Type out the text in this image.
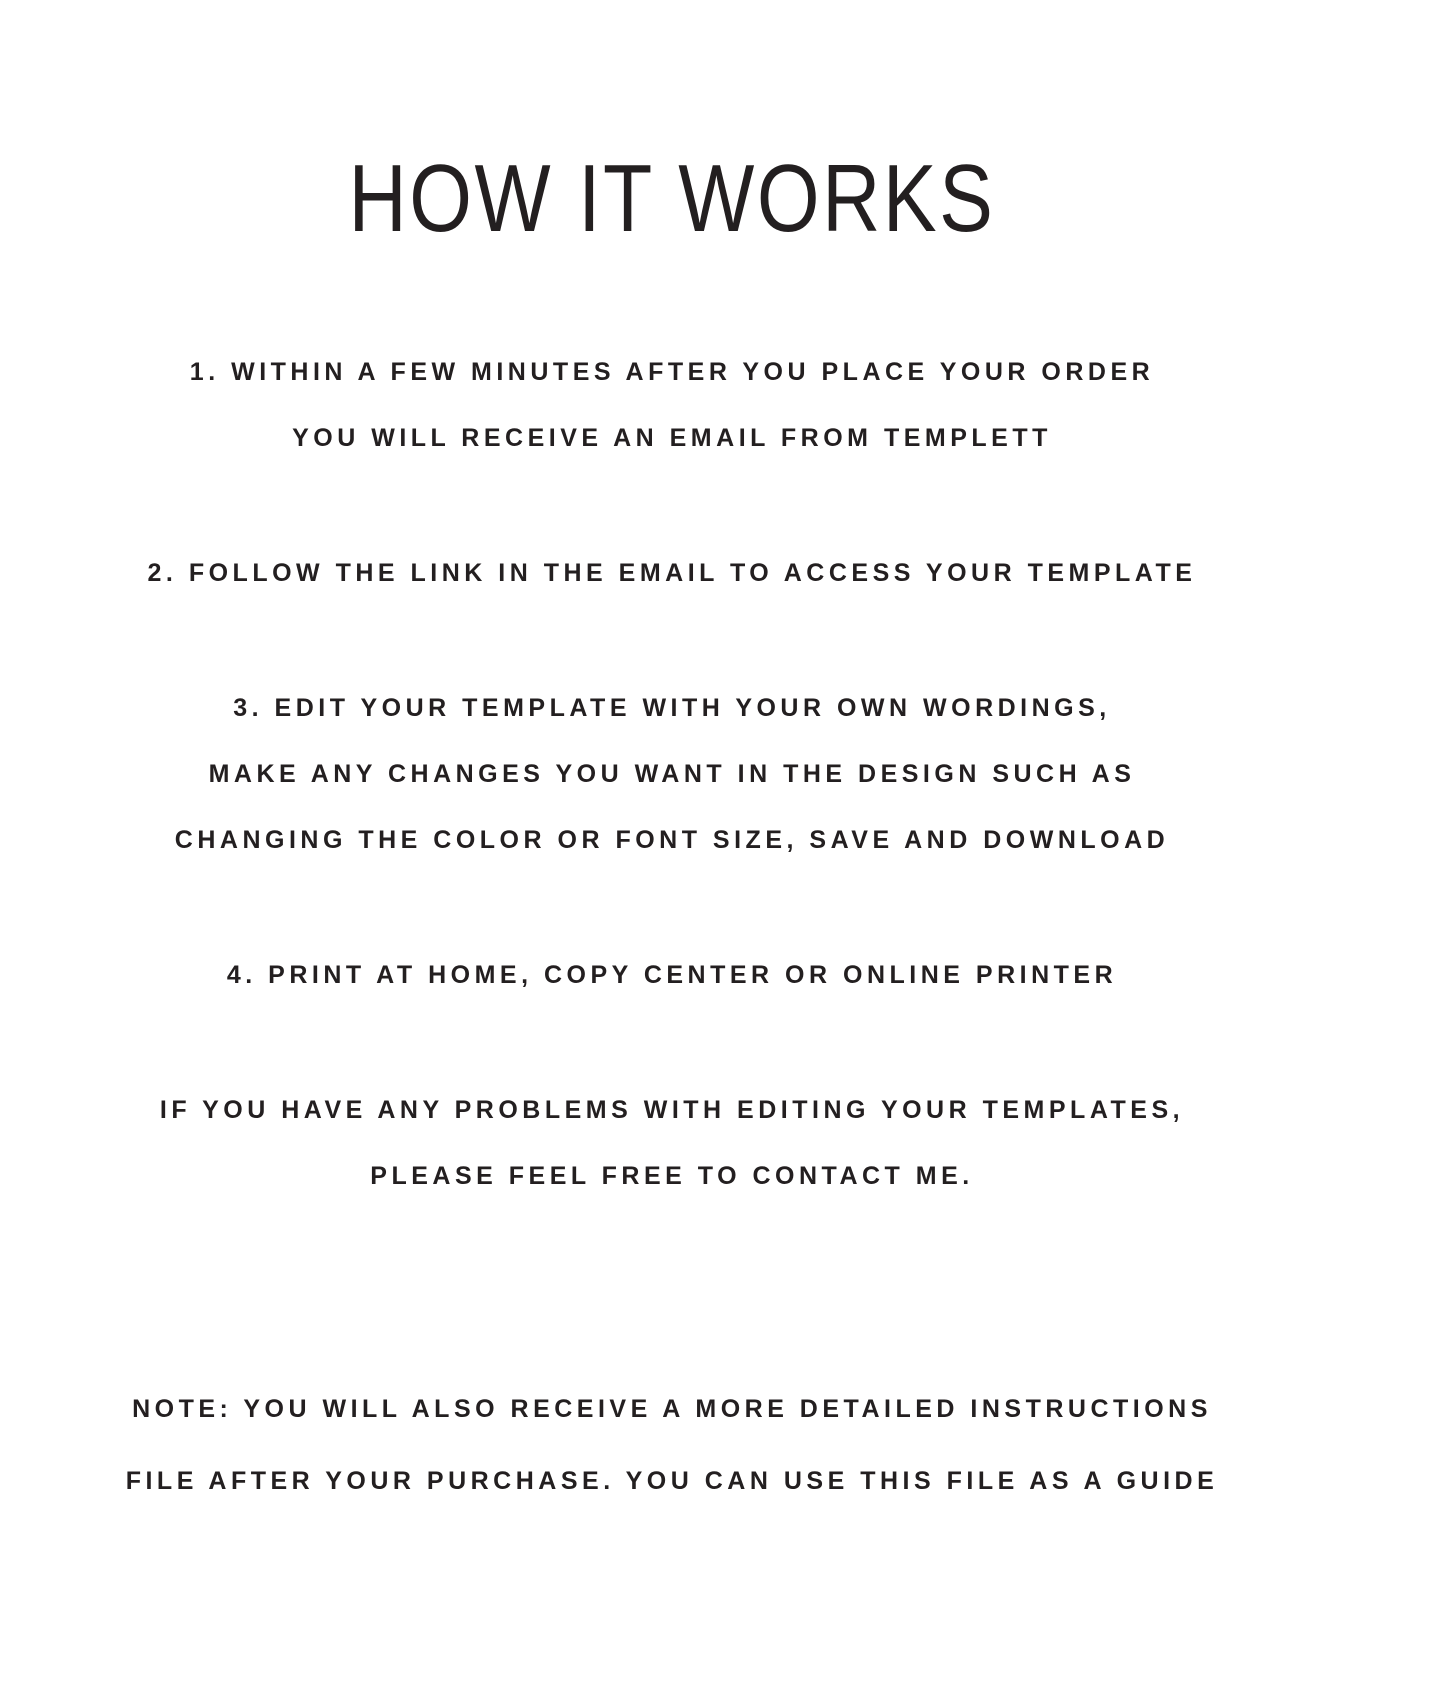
HOW IT WORKS
1. WITHIN A FEW MINUTES AFTER YOU PLACE YOUR ORDER
YOU WILL RECEIVE AN EMAIL FROM TEMPLETT
2. FOLLOW THE LINK IN THE EMAIL TO ACCESS YOUR TEMPLATE
3. EDIT YOUR TEMPLATE WITH YOUR OWN WORDINGS,
MAKE ANY CHANGES YOU WANT IN THE DESIGN SUCH AS
CHANGING THE COLOR OR FONT SIZE, SAVE AND DOWNLOAD
4. PRINT AT HOME, COPY CENTER OR ONLINE PRINTER
IF YOU HAVE ANY PROBLEMS WITH EDITING YOUR TEMPLATES,
PLEASE FEEL FREE TO CONTACT ME.
NOTE: YOU WILL ALSO RECEIVE A MORE DETAILED INSTRUCTIONS
FILE AFTER YOUR PURCHASE. YOU CAN USE THIS FILE AS A GUIDE
